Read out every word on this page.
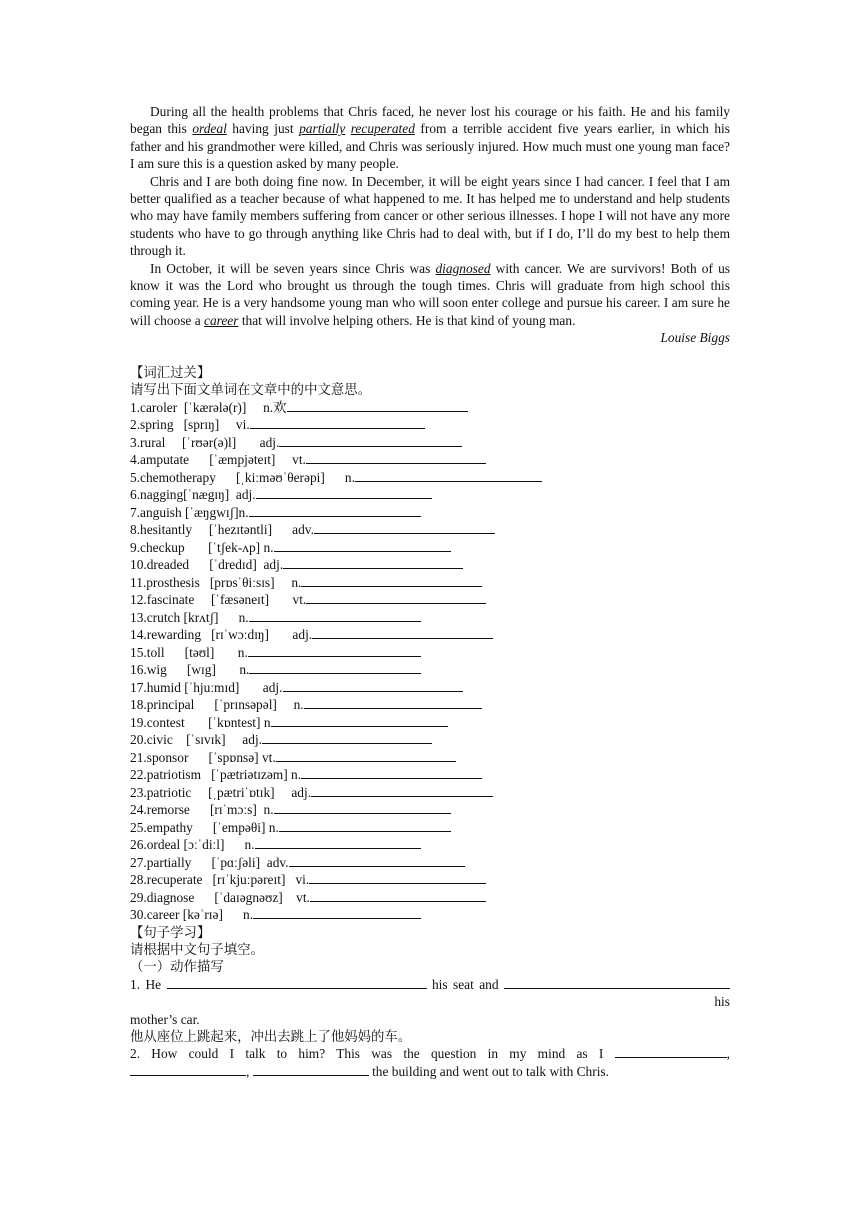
During all the health problems that Chris faced, he never lost his courage or his faith. He and his family began this ordeal having just partially recuperated from a terrible accident five years earlier, in which his father and his grandmother were killed, and Chris was seriously injured. How much must one young man face? I am sure this is a question asked by many people.

Chris and I are both doing fine now. In December, it will be eight years since I had cancer. I feel that I am better qualified as a teacher because of what happened to me. It has helped me to understand and help students who may have family members suffering from cancer or other serious illnesses. I hope I will not have any more students who have to go through anything like Chris had to deal with, but if I do, I’ll do my best to help them through it.

In October, it will be seven years since Chris was diagnosed with cancer. We are survivors! Both of us know it was the Lord who brought us through the tough times. Chris will graduate from high school this coming year. He is a very handsome young man who will soon enter college and pursue his career. I am sure he will choose a career that will involve helping others. He is that kind of young man.

Louise Biggs

【词汇过关】
请写出下面文单词在文章中的中文意思。
1.caroler  [ˈkærələ(r)]     n.欢
2.spring   [sprɪŋ]     vi.
3.rural     [ˈrʊər(ə)l]       adj.
4.amputate      [ˈæmpjəteɪt]     vt.
5.chemotherapy      [ˌkiːməʊˈθerəpi]      n.
6.nagging[ˈnægɪŋ]  adj.
7.anguish [ˈæŋgwɪʃ]n.
8.hesitantly     [ˈhezɪtəntli]      adv.
9.checkup       [ˈtʃek-ʌp] n.
10.dreaded      [ˈdredɪd]  adj.
11.prosthesis   [prɒsˈθiːsɪs]     n.
12.fascinate     [ˈfæsəneɪt]       vt.
13.crutch [krʌtʃ]      n.
14.rewarding   [rɪˈwɔːdɪŋ]       adj.
15.toll      [təʊl]       n.
16.wig      [wɪg]       n.
17.humid [ˈhjuːmɪd]       adj.
18.principal      [ˈprɪnsəpəl]     n.
19.contest       [ˈkɒntest] n
20.civic    [ˈsɪvɪk]     adj.
21.sponsor      [ˈspɒnsə] vt.
22.patriotism   [ˈpætriətɪzəm] n.
23.patriotic     [ˌpætriˈɒtɪk]     adj.
24.remorse      [rɪˈmɔːs]  n.
25.empathy      [ˈempəθi] n.
26.ordeal [ɔːˈdiːl]      n.
27.partially      [ˈpɑːʃəli]  adv.
28.recuperate   [rɪˈkjuːpəreɪt]   vi.
29.diagnose      [ˈdaɪəgnəʊz]    vt.
30.career [kəˈrɪə]      n.
【句子学习】
请根据中文句子填空。
（一）动作描写
1. He	his seat and  his
mother’s car.
他从座位上跳起来，冲出去跳上了他妈妈的车。
2. How could I talk to him? This was the question in my mind as I	,
,	the building and went out to talk with Chris.
